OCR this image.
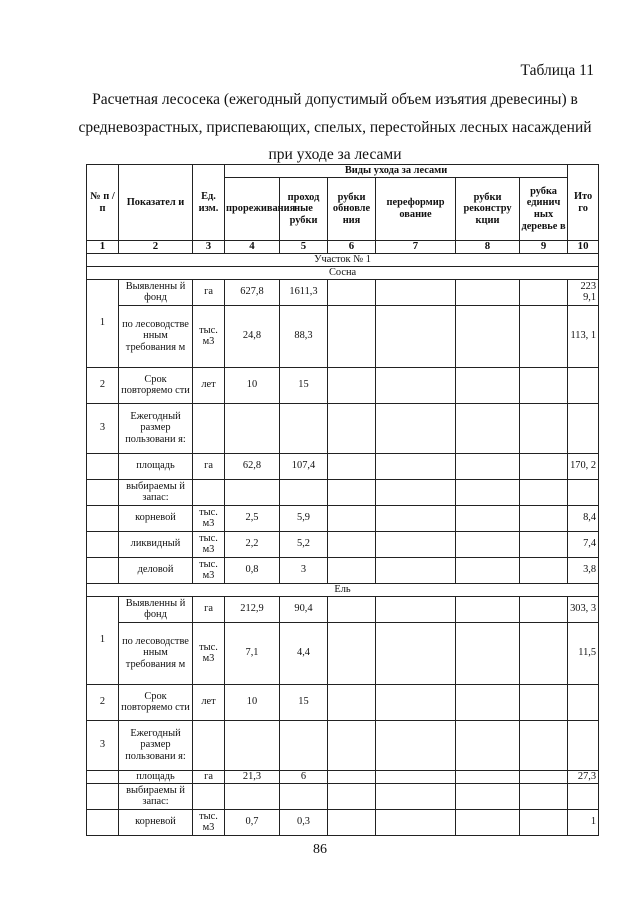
Таблица 11
Расчетная лесосека (ежегодный допустимый объем изъятия древесины) в
средневозрастных, приспевающих, спелых, перестойных лесных насаждений
при уходе за лесами
№ п /п	Показател и	Ед. изм.	Виды ухода за лесами						Ито го
			прореживания	проход ные рубки	рубки обновле ния	переформир ование	рубки реконстру кции	рубка единич ных деревье в	
1	2	3	4	5	6	7	8	9	10
Участок № 1									
Сосна									
1	Выявленны й фонд	га	627,8	1611,3					223 9,1
	по лесоводстве нным требования м	тыс. м3	24,8	88,3					113, 1
2	Срок повторяемо сти	лет	10	15					
3	Ежегодный размер пользовани я:								
	площадь	га	62,8	107,4					170, 2
	выбираемы й запас:								
	корневой	тыс. м3	2,5	5,9					8,4
	ликвидный	тыс. м3	2,2	5,2					7,4
	деловой	тыс. м3	0,8	3					3,8
Ель									
1	Выявленны й фонд	га	212,9	90,4					303, 3
	по лесоводстве нным требования м	тыс. м3	7,1	4,4					11,5
2	Срок повторяемо сти	лет	10	15					
3	Ежегодный размер пользовани я:								
	площадь	га	21,3	6					27,3
	выбираемы й запас:								
	корневой	тыс. м3	0,7	0,3					1
86
